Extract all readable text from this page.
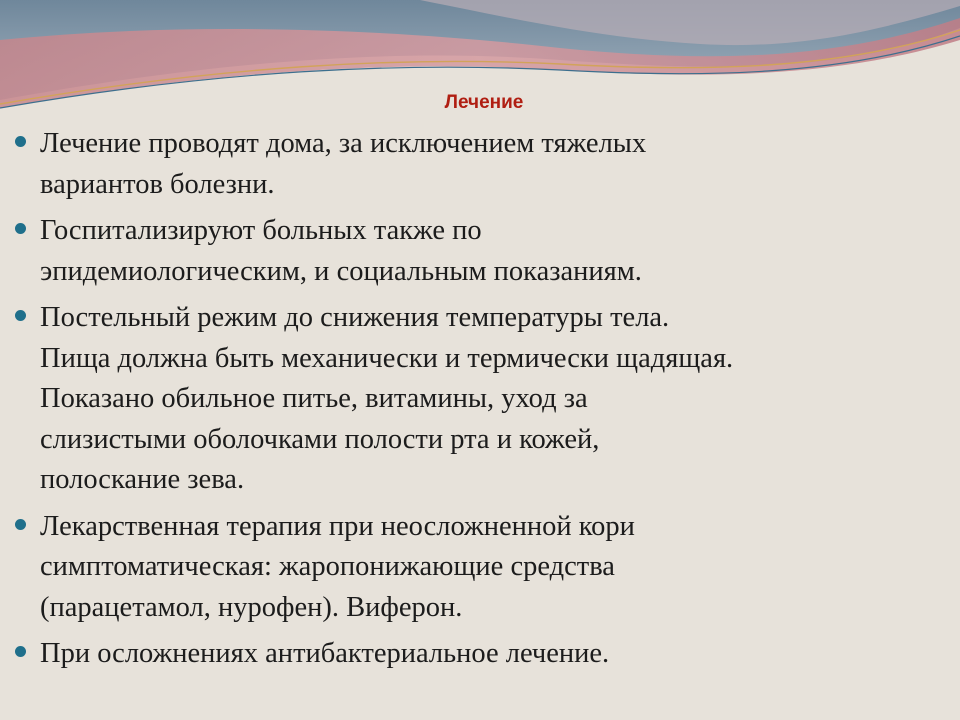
Лечение
Лечение проводят дома, за исключением тяжелых
вариантов болезни.
Госпитализируют больных также по
эпидемиологическим, и социальным показаниям.
Постельный режим до снижения температуры тела.
Пища должна быть механически и термически щадящая.
Показано обильное питье, витамины, уход за
слизистыми оболочками полости рта и кожей,
полоскание зева.
Лекарственная терапия при неосложненной кори
симптоматическая: жаропонижающие средства
(парацетамол, нурофен). Виферон.
При осложнениях антибактериальное лечение.
